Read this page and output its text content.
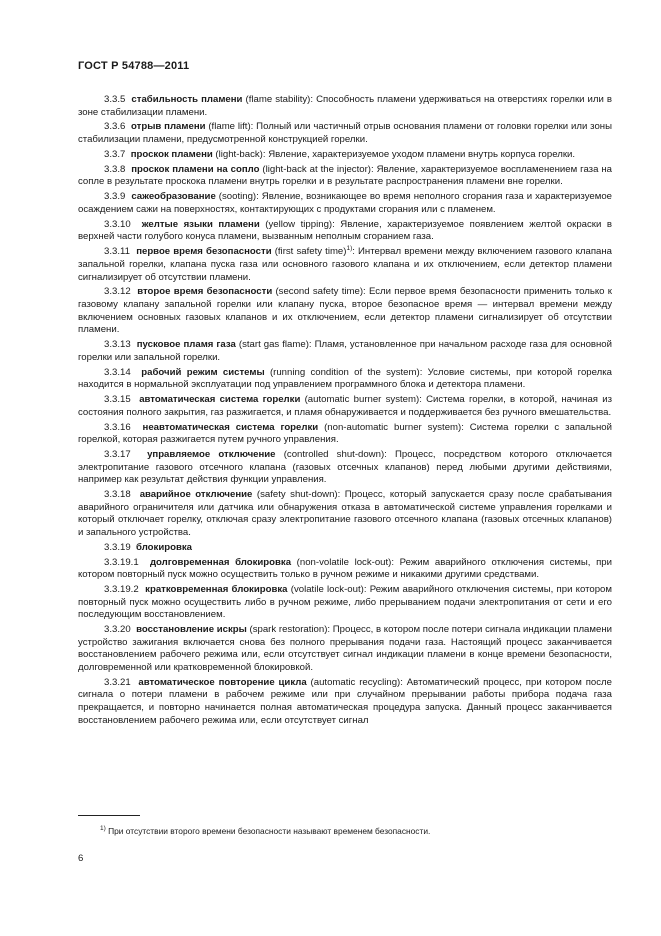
ГОСТ Р 54788—2011

3.3.5 стабильность пламени (flame stability): Способность пламени удерживаться на отверстиях горелки или в зоне стабилизации пламени.

3.3.6 отрыв пламени (flame lift): Полный или частичный отрыв основания пламени от головки горелки или зоны стабилизации пламени, предусмотренной конструкцией горелки.

3.3.7 проскок пламени (light-back): Явление, характеризуемое уходом пламени внутрь корпуса горелки.

3.3.8 проскок пламени на сопло (light-back at the injector): Явление, характеризуемое воспламенением газа на сопле в результате проскока пламени внутрь горелки и в результате распространения пламени вне горелки.

3.3.9 сажеобразование (sooting): Явление, возникающее во время неполного сгорания газа и характеризуемое осаждением сажи на поверхностях, контактирующих с продуктами сгорания или с пламенем.

3.3.10 желтые языки пламени (yellow tipping): Явление, характеризуемое появлением желтой окраски в верхней части голубого конуса пламени, вызванным неполным сгоранием газа.

3.3.11 первое время безопасности (first safety time)$^{1)}$: Интервал времени между включением газового клапана запальной горелки, клапана пуска газа или основного газового клапана и их отключением, если детектор пламени сигнализирует об отсутствии пламени.

3.3.12 второе время безопасности (second safety time): Если первое время безопасности применить только к газовому клапану запальной горелки или клапану пуска, второе безопасное время — интервал времени между включением основных газовых клапанов и их отключением, если детектор пламени сигнализирует об отсутствии пламени.

3.3.13 пусковое пламя газа (start gas flame): Пламя, установленное при начальном расходе газа для основной горелки или запальной горелки.

3.3.14 рабочий режим системы (running condition of the system): Условие системы, при которой горелка находится в нормальной эксплуатации под управлением программного блока и детектора пламени.

3.3.15 автоматическая система горелки (automatic burner system): Система горелки, в которой, начиная из состояния полного закрытия, газ разжигается, и пламя обнаруживается и поддерживается без ручного вмешательства.

3.3.16 неавтоматическая система горелки (non-automatic burner system): Система горелки с запальной горелкой, которая разжигается путем ручного управления.

3.3.17 управляемое отключение (controlled shut-down): Процесс, посредством которого отключается электропитание газового отсечного клапана (газовых отсечных клапанов) перед любыми другими действиями, например как результат действия функции управления.

3.3.18 аварийное отключение (safety shut-down): Процесс, который запускается сразу после срабатывания аварийного ограничителя или датчика или обнаружения отказа в автоматической системе управления горелками и который отключает горелку, отключая сразу электропитание газового отсечного клапана (газовых отсечных клапанов) и запального устройства.

3.3.19 блокировка

3.3.19.1 долговременная блокировка (non-volatile lock-out): Режим аварийного отключения системы, при котором повторный пуск можно осуществить только в ручном режиме и никакими другими средствами.

3.3.19.2 кратковременная блокировка (volatile lock-out): Режим аварийного отключения системы, при котором повторный пуск можно осуществить либо в ручном режиме, либо прерыванием подачи электропитания от сети и его последующим восстановлением.

3.3.20 восстановление искры (spark restoration): Процесс, в котором после потери сигнала индикации пламени устройство зажигания включается снова без полного прерывания подачи газа. Настоящий процесс заканчивается восстановлением рабочего режима или, если отсутствует сигнал индикации пламени в конце времени безопасности, долговременной или кратковременной блокировкой.

3.3.21 автоматическое повторение цикла (automatic recycling): Автоматический процесс, при котором после сигнала о потери пламени в рабочем режиме или при случайном прерывании работы прибора подача газа прекращается, и повторно начинается полная автоматическая процедура запуска. Данный процесс заканчивается восстановлением рабочего режима или, если отсутствует сигнал

$^{1)}$ При отсутствии второго времени безопасности называют временем безопасности.
6
